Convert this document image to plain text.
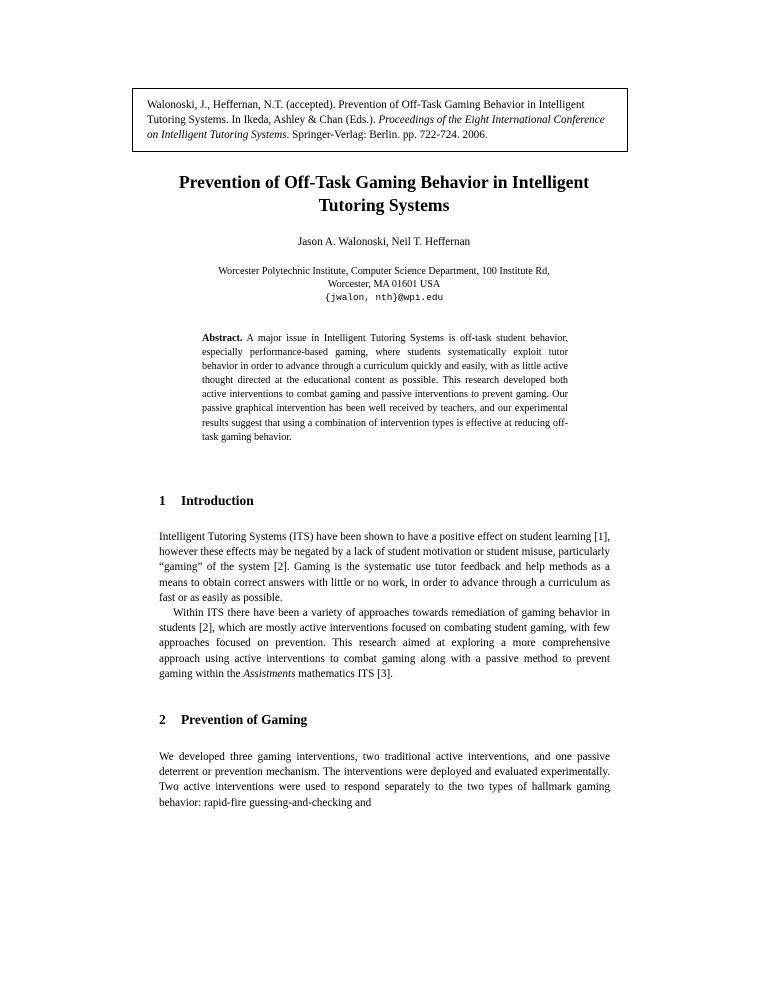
Walonoski, J., Heffernan, N.T. (accepted). Prevention of Off-Task Gaming Behavior in Intelligent Tutoring Systems. In Ikeda, Ashley & Chan (Eds.). Proceedings of the Eight International Conference on Intelligent Tutoring Systems. Springer-Verlag: Berlin. pp. 722-724. 2006.
Prevention of Off-Task Gaming Behavior in Intelligent Tutoring Systems
Jason A. Walonoski, Neil T. Heffernan
Worcester Polytechnic Institute, Computer Science Department, 100 Institute Rd,
Worcester, MA 01601 USA
{jwalon, nth}@wpi.edu
Abstract. A major issue in Intelligent Tutoring Systems is off-task student behavior, especially performance-based gaming, where students systematically exploit tutor behavior in order to advance through a curriculum quickly and easily, with as little active thought directed at the educational content as possible. This research developed both active interventions to combat gaming and passive interventions to prevent gaming. Our passive graphical intervention has been well received by teachers, and our experimental results suggest that using a combination of intervention types is effective at reducing off-task gaming behavior.
1 Introduction

Intelligent Tutoring Systems (ITS) have been shown to have a positive effect on student learning [1], however these effects may be negated by a lack of student motivation or student misuse, particularly “gaming” of the system [2]. Gaming is the systematic use tutor feedback and help methods as a means to obtain correct answers with little or no work, in order to advance through a curriculum as fast or as easily as possible.

Within ITS there have been a variety of approaches towards remediation of gaming behavior in students [2], which are mostly active interventions focused on combating student gaming, with few approaches focused on prevention. This research aimed at exploring a more comprehensive approach using active interventions to combat gaming along with a passive method to prevent gaming within the Assistments mathematics ITS [3].

2 Prevention of Gaming

We developed three gaming interventions, two traditional active interventions, and one passive deterrent or prevention mechanism. The interventions were deployed and evaluated experimentally. Two active interventions were used to respond separately to the two types of hallmark gaming behavior: rapid-fire guessing-and-checking and
